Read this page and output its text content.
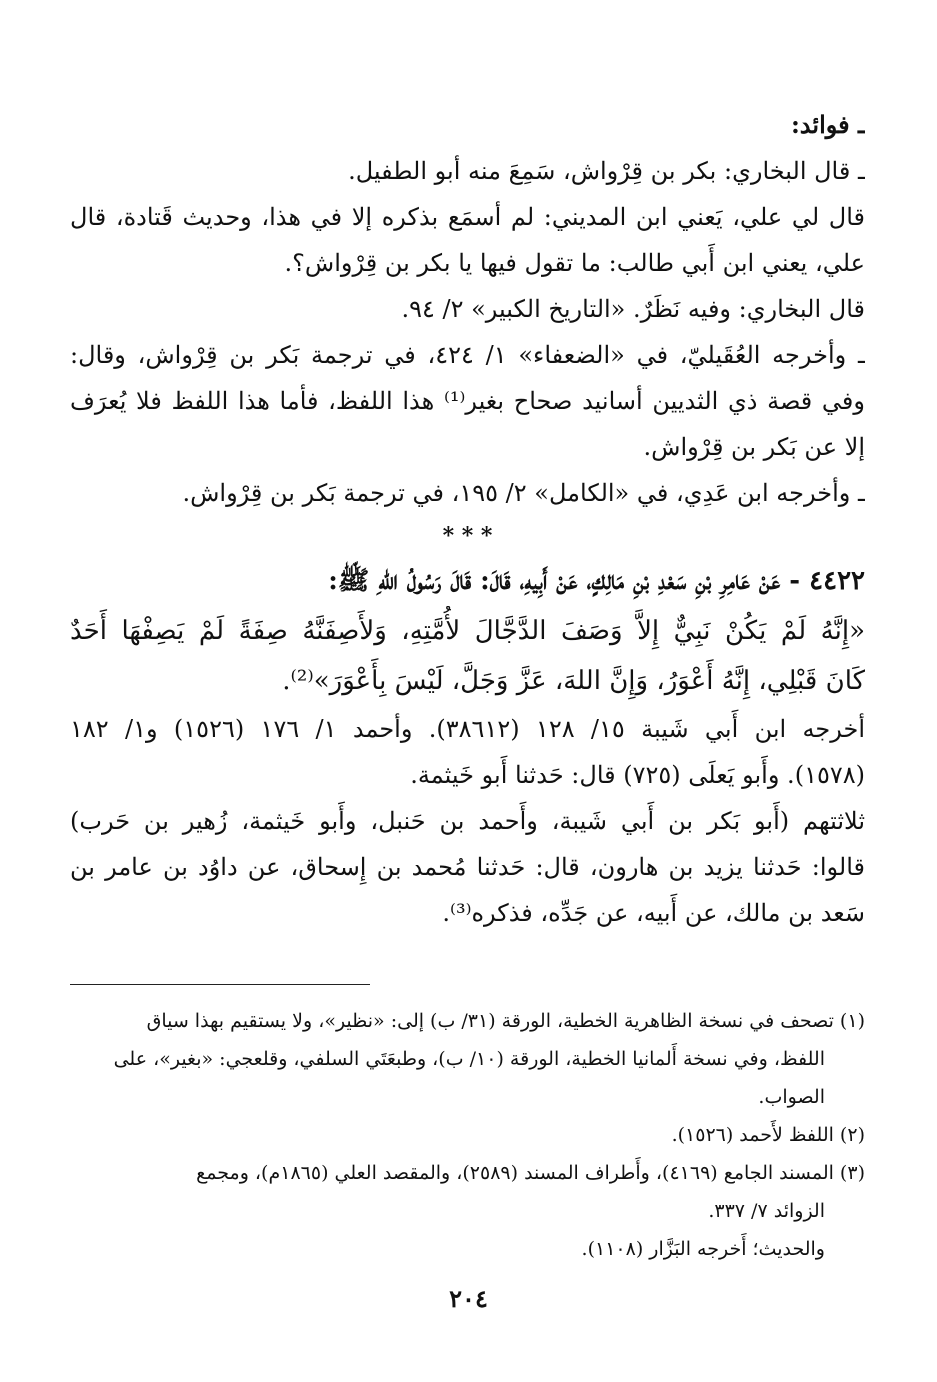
ـ فوائد:

ـ قال البخاري: بكر بن قِرْواش، سَمِعَ منه أبو الطفيل.

قال لي علي، يَعني ابن المديني: لم أسمَع بذكره إلا في هذا، وحديث قَتادة، قال

علي، يعني ابن أَبي طالب: ما تقول فيها يا بكر بن قِرْواش؟.

قال البخاري: وفيه نَظَرٌ. «التاريخ الكبير» ٢/ ٩٤.

ـ وأخرجه العُقَيليّ، في «الضعفاء» ١/ ٤٢٤، في ترجمة بَكر بن قِرْواش، وقال:

وفي قصة ذي الثديين أسانيد صحاح بغير⁽¹⁾ هذا اللفظ، فأما هذا اللفظ فلا يُعرَف

إلا عن بَكر بن قِرْواش.

ـ وأخرجه ابن عَدِي، في «الكامل» ٢/ ١٩٥، في ترجمة بَكر بن قِرْواش.

* * *

٤٤٢٢ - عَنْ عَامِرِ بْنِ سَعْدِ بْنِ مَالِكٍ، عَنْ أَبِيهِ، قَالَ: قَالَ رَسُولُ اللهِ ﷺ:

«إِنَّهُ لَمْ يَكُنْ نَبِيٌّ إِلاَّ وَصَفَ الدَّجَّالَ لأُمَّتِهِ، وَلأَصِفَنَّهُ صِفَةً لَمْ يَصِفْهَا أَحَدٌ

كَانَ قَبْلِي، إِنَّهُ أَعْوَرُ، وَإِنَّ اللهَ، عَزَّ وَجَلَّ، لَيْسَ بِأَعْوَرَ»⁽²⁾.

أخرجه ابن أَبي شَيبة ١٥/ ١٢٨ (٣٨٦١٢). وأحمد ١/ ١٧٦ (١٥٢٦) و١/ ١٨٢

(١٥٧٨). وأَبو يَعلَى (٧٢٥) قال: حَدثنا أَبو خَيثمة.

ثلاثتهم (أَبو بَكر بن أَبي شَيبة، وأَحمد بن حَنبل، وأَبو خَيثمة، زُهير بن حَرب)

قالوا: حَدثنا يزيد بن هارون، قال: حَدثنا مُحمد بن إِسحاق، عن داوُد بن عامر بن

سَعد بن مالك، عن أَبيه، عن جَدِّه، فذكره⁽³⁾.

(١) تصحف في نسخة الظاهرية الخطية، الورقة (٣١/ ب) إلى: «نظير»، ولا يستقيم بهذا سياق

اللفظ، وفي نسخة أَلمانيا الخطية، الورقة (١٠/ ب)، وطبعَتَي السلفي، وقلعجي: «بغير»، على

الصواب.

(٢) اللفظ لأَحمد (١٥٢٦).

(٣) المسند الجامع (٤١٦٩)، وأَطراف المسند (٢٥٨٩)، والمقصد العلي (١٨٦٥م)، ومجمع

الزوائد ٧/ ٣٣٧.

والحديث؛ أَخرجه البَزَّار (١١٠٨).

٢٠٤
